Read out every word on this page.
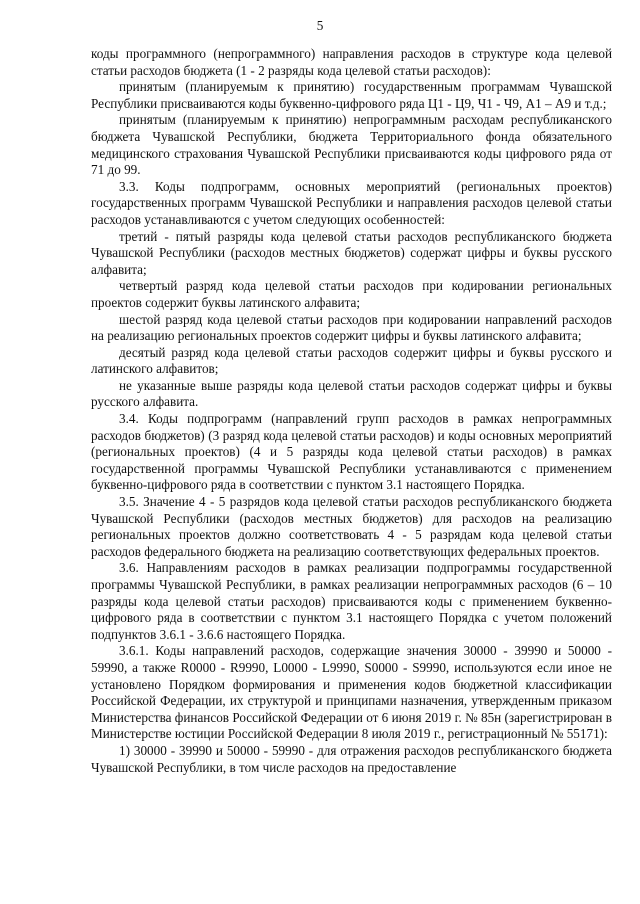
5

коды программного (непрограммного) направления расходов в структуре кода целевой статьи расходов бюджета (1 - 2 разряды кода целевой статьи расходов):

принятым (планируемым к принятию) государственным программам Чувашской Республики присваиваются коды буквенно-цифрового ряда Ц1 - Ц9, Ч1 - Ч9, А1 – А9 и т.д.;

принятым (планируемым к принятию) непрограммным расходам республиканского бюджета Чувашской Республики, бюджета Территориального фонда обязательного медицинского страхования Чувашской Республики присваиваются коды цифрового ряда от 71 до 99.

3.3. Коды подпрограмм, основных мероприятий (региональных проектов) государственных программ Чувашской Республики и направления расходов целевой статьи расходов устанавливаются с учетом следующих особенностей:

третий - пятый разряды кода целевой статьи расходов республиканского бюджета Чувашской Республики (расходов местных бюджетов) содержат цифры и буквы русского алфавита;

четвертый разряд кода целевой статьи расходов при кодировании региональных проектов содержит буквы латинского алфавита;

шестой разряд кода целевой статьи расходов при кодировании направлений расходов на реализацию региональных проектов содержит цифры и буквы латинского алфавита;

десятый разряд кода целевой статьи расходов содержит цифры и буквы русского и латинского алфавитов;

не указанные выше разряды кода целевой статьи расходов содержат цифры и буквы русского алфавита.

3.4. Коды подпрограмм (направлений групп расходов в рамках непрограммных расходов бюджетов) (3 разряд кода целевой статьи расходов) и коды основных мероприятий (региональных проектов) (4 и 5 разряды кода целевой статьи расходов) в рамках государственной программы Чувашской Республики устанавливаются с применением буквенно-цифрового ряда в соответствии с пунктом 3.1 настоящего Порядка.

3.5. Значение 4 - 5 разрядов кода целевой статьи расходов республиканского бюджета Чувашской Республики (расходов местных бюджетов) для расходов на реализацию региональных проектов должно соответствовать 4 - 5 разрядам кода целевой статьи расходов федерального бюджета на реализацию соответствующих федеральных проектов.

3.6. Направлениям расходов в рамках реализации подпрограммы государственной программы Чувашской Республики, в рамках реализации непрограммных расходов (6 – 10 разряды кода целевой статьи расходов) присваиваются коды с применением буквенно-цифрового ряда в соответствии с пунктом 3.1 настоящего Порядка с учетом положений подпунктов 3.6.1 - 3.6.6 настоящего Порядка.

3.6.1. Коды направлений расходов, содержащие значения 30000 - 39990 и 50000 - 59990, а также R0000 - R9990, L0000 - L9990, S0000 - S9990, используются если иное не установлено Порядком формирования и применения кодов бюджетной классификации Российской Федерации, их структурой и принципами назначения, утвержденным приказом Министерства финансов Российской Федерации от 6 июня 2019 г. № 85н (зарегистрирован в Министерстве юстиции Российской Федерации 8 июля 2019 г., регистрационный № 55171):

1) 30000 - 39990 и 50000 - 59990 - для отражения расходов республиканского бюджета Чувашской Республики, в том числе расходов на предоставление
